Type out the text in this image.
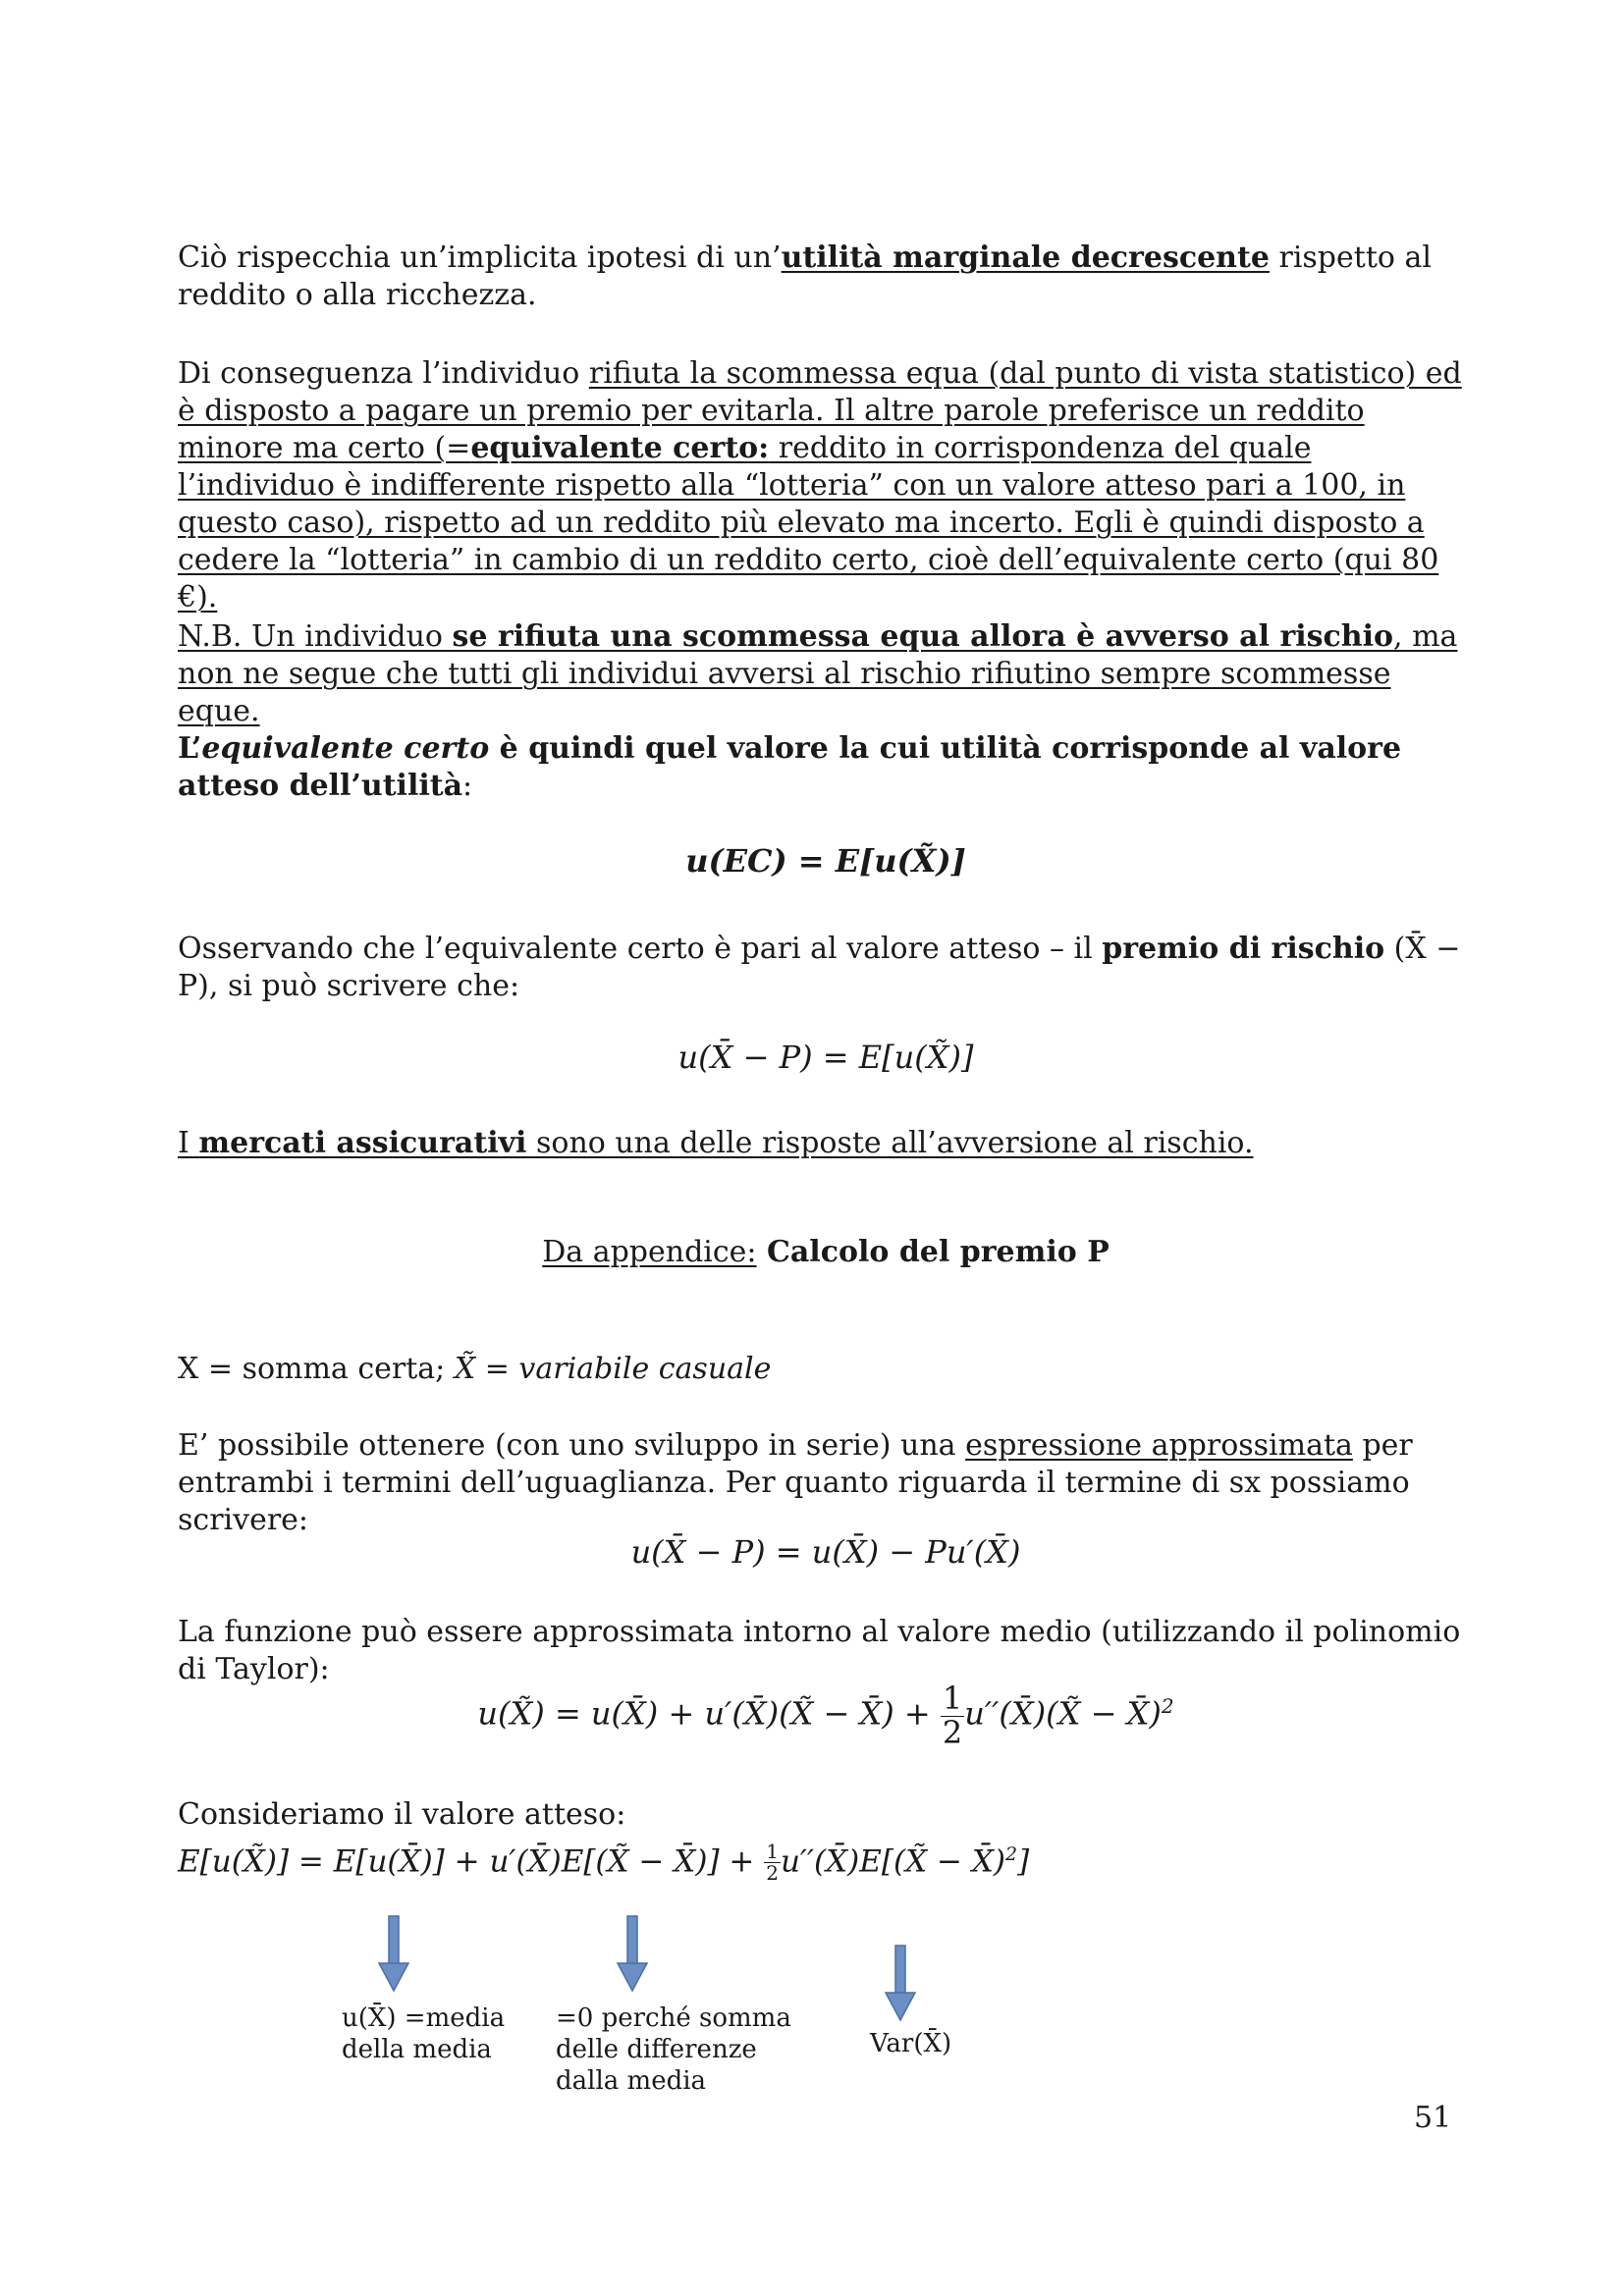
Ciò rispecchia un’implicita ipotesi di un’utilità marginale decrescente rispetto al reddito o alla ricchezza.

Di conseguenza l’individuo rifiuta la scommessa equa (dal punto di vista statistico) ed è disposto a pagare un premio per evitarla. Il altre parole preferisce un reddito minore ma certo (=equivalente certo: reddito in corrispondenza del quale l’individuo è indifferente rispetto alla “lotteria” con un valore atteso pari a 100, in questo caso), rispetto ad un reddito più elevato ma incerto. Egli è quindi disposto a cedere la “lotteria” in cambio di un reddito certo, cioè dell’equivalente certo (qui 80 €).

N.B. Un individuo se rifiuta una scommessa equa allora è avverso al rischio, ma non ne segue che tutti gli individui avversi al rischio rifiutino sempre scommesse eque.

L’equivalente certo è quindi quel valore la cui utilità corrisponde al valore atteso dell’utilità:

u(EC) = E[u(X̃)]

Osservando che l’equivalente certo è pari al valore atteso – il premio di rischio (X̄ − P), si può scrivere che:

u(X̄ − P) = E[u(X̃)]

I mercati assicurativi sono una delle risposte all’avversione al rischio.

Da appendice: Calcolo del premio P

X = somma certa; X̃ = variabile casuale

E’ possibile ottenere (con uno sviluppo in serie) una espressione approssimata per entrambi i termini dell’uguaglianza. Per quanto riguarda il termine di sx possiamo scrivere:

u(X̄ − P) = u(X̄) − Pu′(X̄)

La funzione può essere approssimata intorno al valore medio (utilizzando il polinomio di Taylor):

u(X̃) = u(X̄) + u′(X̄)(X̃ − X̄) + $\frac{1}{2}$ u′′(X̄)(X̃ − X̄)$^2$

Consideriamo il valore atteso:

E[u(X̃)] = E[u(X̄)] + u′(X̄)E[(X̃ − X̄)] + $\frac{1}{2}$ u′′(X̄)E[(X̃ − X̄)$^2$]

u(X̄) =media
della media
=0 perché somma
delle differenze
dalla media
Var(X̄)

51
